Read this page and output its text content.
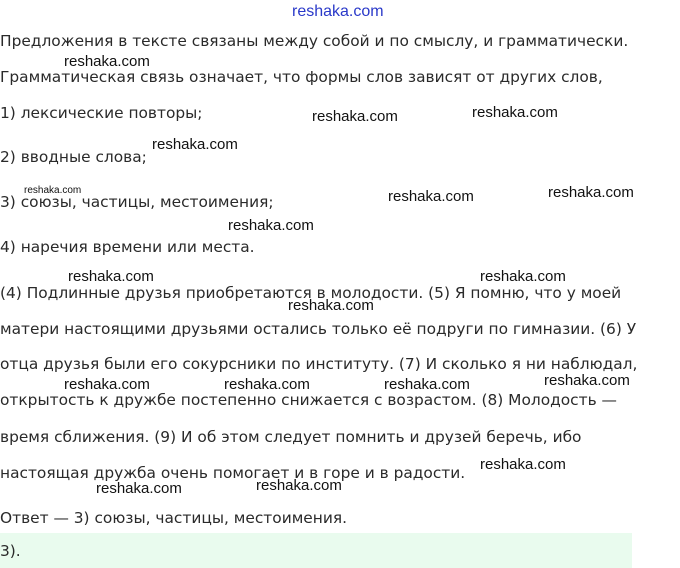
reshaka.com
Предложения в тексте связаны между собой и по смыслу, и грамматически.
Грамматическая связь означает, что формы слов зависят от других слов,
1) лексические повторы;
2) вводные слова;
3) союзы, частицы, местоимения;
4) наречия времени или места.
(4) Подлинные друзья приобретаются в молодости. (5) Я помню, что у моей
матери настоящими друзьями остались только её подруги по гимназии. (6) У
отца друзья были его сокурсники по институту. (7) И сколько я ни наблюдал,
открытость к дружбе постепенно снижается с возрастом. (8) Молодость —
время сближения. (9) И об этом следует помнить и друзей беречь, ибо
настоящая дружба очень помогает и в горе и в радости.
Ответ — 3) союзы, частицы, местоимения.
3).
reshaka.com
reshaka.com	reshaka.com
reshaka.com
reshaka.com	reshaka.com	reshaka.com
reshaka.com
reshaka.com	reshaka.com
reshaka.com
reshaka.com	reshaka.com	reshaka.com	reshaka.com
reshaka.com
reshaka.com	reshaka.com
